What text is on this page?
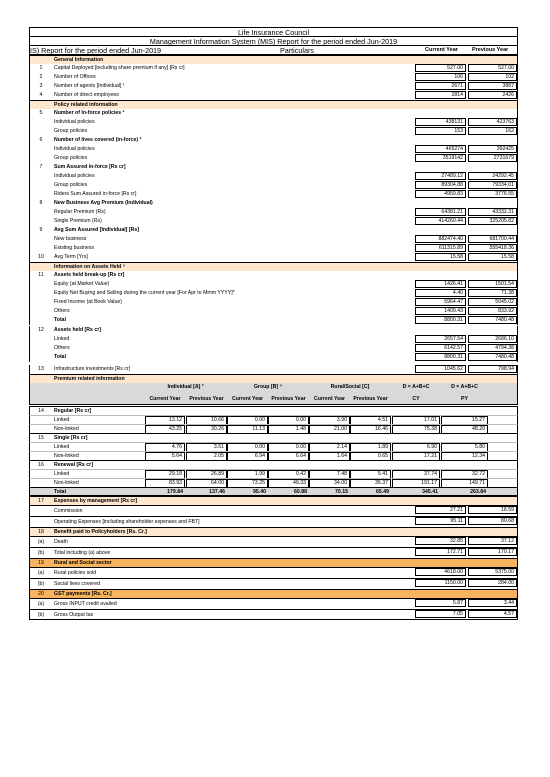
Life Insurance Council
Management Information System (MIS) Report for the period ended Jun-2019
IS) Report for the period ended Jun-2019	Particulars	Current Year	Previous Year
General Information
1	Capital Deployed [including share premium if any] [Rs cr]	527.00	527.00
2	Number of Offices	106	102
3	Number of agents [Individual] ¹	2671	3887
4	Number of direct employees	2814	2426
Policy related information
5	Number of In-force policies ²
Individual policies	438131	423763
Group policies	153	162
6	Number of lives covered (in-force) ²
Individual policies	465274	392425
Group policies	3519142	2731679
7	Sum Assured in-force [Rs cr]
Individual policies	27489.12	24292.45
Group policies	89304.88	79334.01
Riders Sum Assured in-force [Rs cr]	4959.83	3776.55
8	New Business Avg Premium (Individual)
Regular Premium (Rs)	64381.21	43332.31
Single Premium (Rs)	414260.44	325205.82
9	Avg Sum Assured [Individual] [Rs]
New business	882474.40	681700.44
Existing business	611315.89	555418.36
10	Avg Term [Yrs]	15.58	15.58
Information on Assets Held ⁵
11	Assets held break-up [Rs cr]
Equity (at Market Value)	1426.41	1501.54
Equity Net Buying and Selling during the current year [For Apr to Mmm YYYY]*	4.40	71.38
Fixed Income (at Book Value)	5964.47	5045.02
Others	1409.43	833.92
Total	8800.31	7480.48
12	Assets held [Rs cr]
Linked	2657.54	2686.10
Others	6142.57	4794.38
Total	8800.31	7480.48
13	Infrastructure investments [Rs cr]	1045.62	798.94
Premium related information
Individual [A] ³	Group [B] ⁴	Rural/Social [C]	D = A+B+C	D = A+B+C
Current Year	Previous Year	Current Year	Previous Year	Current Year	Previous Year	CY	PY
14	Regular [Rs cr]
Linked	13.12	10.66	0.00	0.00	3.90	4.51	17.01	15.27
Non-linked	43.25	30.26	11.13	1.48	21.00	16.46	75.38	48.20
15	Single [Rs cr]
Linked	4.76	3.51	0.00	0.00	2.14	1.89	6.90	5.80
Non-linked	5.64	2.05	6.94	6.64	1.64	0.65	17.21	12.34
16	Renewal [Rs cr]
Linked	29.18	26.89	1.99	0.42	7.48	5.41	37.74	32.72
Non-linked	83.93	64.00	73.25	49.33	34.00	36.37	191.17	149.71
Total	179.84	137.46	95.40	60.88	70.15	65.49	345.41	263.84
17	Expenses by management [Rs cr]
Commission	27.21	16.59
Operating Expenses [including shareholder expenses and FBT]	95.11	80.68
18	Benefit paid to Policyholders [Rs. Cr.]
(a)	Death	32.85	37.12
(b)	Total including (a) above	172.71	170.17
19	Rural and Social sector
(a)	Rural policies sold	4618.00	5375.00
(b)	Social lives covered	1150.00	284.00
20	GST payments [Rs. Cr.]
(a)	Gross INPUT credit availed	5.87	3.44
(b)	Gross Output tax	7.05	4.57
